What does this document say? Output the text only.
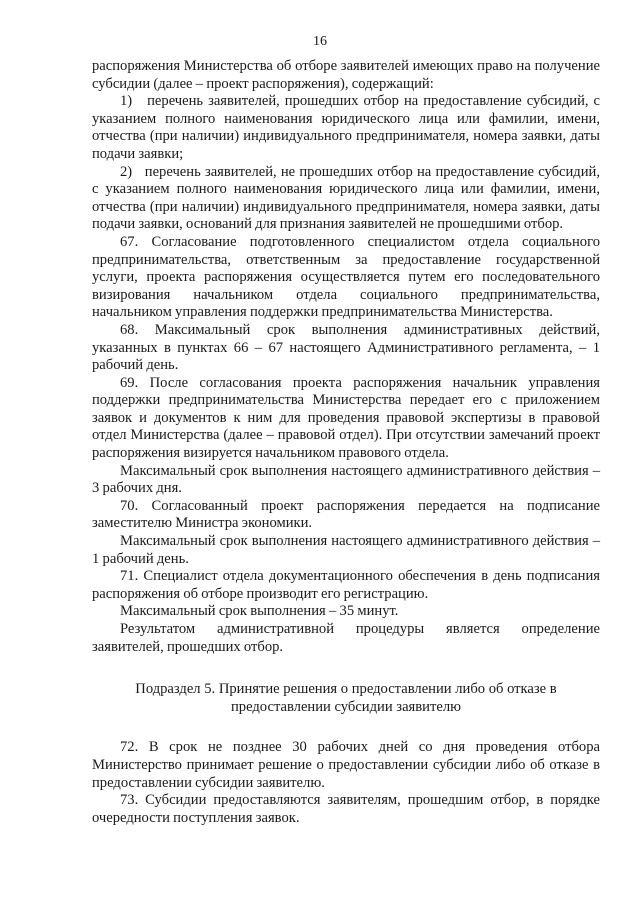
16

распоряжения Министерства об отборе заявителей имеющих право на получение субсидии (далее – проект распоряжения), содержащий:

1)   перечень заявителей, прошедших отбор на предоставление субсидий, с указанием полного наименования юридического лица или фамилии, имени, отчества (при наличии) индивидуального предпринимателя, номера заявки, даты подачи заявки;

2)   перечень заявителей, не прошедших отбор на предоставление субсидий, с указанием полного наименования юридического лица или фамилии, имени, отчества (при наличии) индивидуального предпринимателя, номера заявки, даты подачи заявки, оснований для признания заявителей не прошедшими отбор.

67. Согласование подготовленного специалистом отдела социального предпринимательства, ответственным за предоставление государственной услуги, проекта распоряжения осуществляется путем его последовательного визирования начальником отдела социального предпринимательства, начальником управления поддержки предпринимательства Министерства.

68. Максимальный срок выполнения административных действий, указанных в пунктах 66 – 67 настоящего Административного регламента, – 1 рабочий день.

69. После согласования проекта распоряжения начальник управления поддержки предпринимательства Министерства передает его с приложением заявок и документов к ним для проведения правовой экспертизы в правовой отдел Министерства (далее – правовой отдел). При отсутствии замечаний проект распоряжения визируется начальником правового отдела.

Максимальный срок выполнения настоящего административного действия – 3 рабочих дня.

70. Согласованный проект распоряжения передается на подписание заместителю Министра экономики.

Максимальный срок выполнения настоящего административного действия – 1 рабочий день.

71. Специалист отдела документационного обеспечения в день подписания распоряжения об отборе производит его регистрацию.

Максимальный срок выполнения – 35 минут.

Результатом административной процедуры является определение заявителей, прошедших отбор.

Подраздел 5. Принятие решения о предоставлении либо об отказе в
предоставлении субсидии заявителю

72. В срок не позднее 30 рабочих дней со дня проведения отбора Министерство принимает решение о предоставлении субсидии либо об отказе в предоставлении субсидии заявителю.

73. Субсидии предоставляются заявителям, прошедшим отбор, в порядке очередности поступления заявок.
